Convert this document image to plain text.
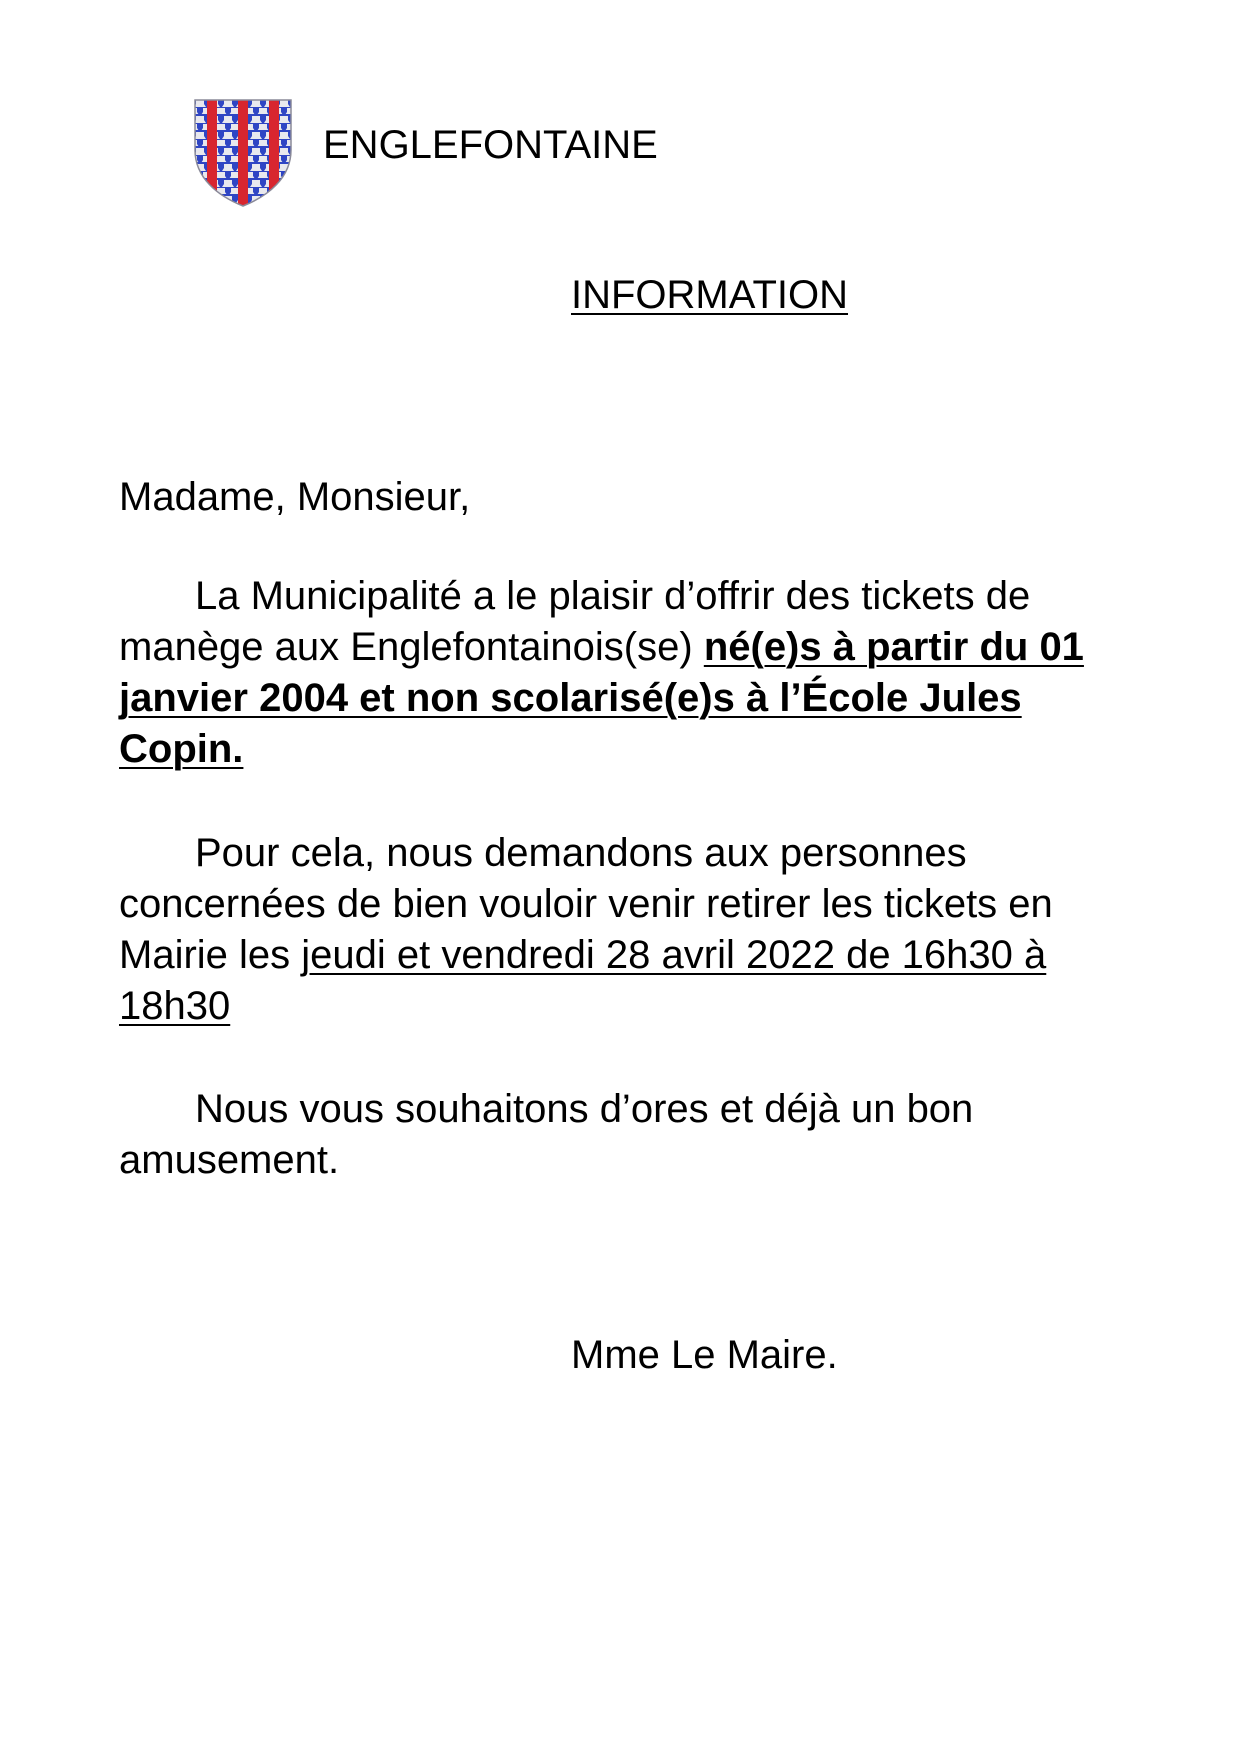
ENGLEFONTAINE
INFORMATION
Madame, Monsieur,

La Municipalité a le plaisir d’offrir des tickets de manège aux Englefontainois(se) né(e)s à partir du 01 janvier 2004 et non scolarisé(e)s à l’École Jules Copin.

Pour cela, nous demandons aux personnes concernées de bien vouloir venir retirer les tickets en Mairie les jeudi et vendredi 28 avril 2022 de 16h30 à 18h30

Nous vous souhaitons d’ores et déjà un bon amusement.

Mme Le Maire.
